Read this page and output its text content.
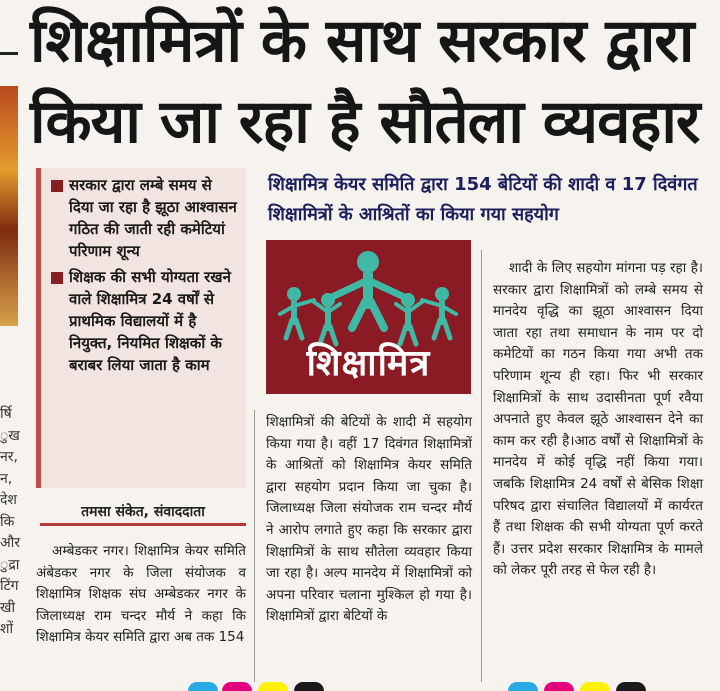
शिक्षामित्रों के साथ सरकार द्वारा
किया जा रहा है सौतेला व्यवहार
र्षि
ुख
नर,
न,
देश
कि
और
ुद्रा
टिंग
खी
शों
सरकार द्वारा लम्बे समय से दिया जा रहा है झूठा आश्वासन गठित की जाती रही कमेटियां परिणाम शून्य
शिक्षक की सभी योग्यता रखने वाले शिक्षामित्र 24 वर्षों से प्राथमिक विद्यालयों में है नियुक्त, नियमित शिक्षकों के बराबर लिया जाता है काम
तमसा संकेत, संवाददाता
शिक्षामित्र केयर समिति द्वारा 154 बेटियों की शादी व 17 दिवंगत शिक्षामित्रों के आश्रितों का किया गया सहयोग
शिक्षामित्र

अम्बेडकर नगर। शिक्षामित्र केयर समिति अंबेडकर नगर के जिला संयोजक व शिक्षामित्र शिक्षक संघ अम्बेडकर नगर के जिलाध्यक्ष राम चन्दर मौर्य ने कहा कि शिक्षामित्र केयर समिति द्वारा अब तक 154

शिक्षामित्रों की बेटियों के शादी में सहयोग किया गया है। वहीं 17 दिवंगत शिक्षामित्रों के आश्रितों को शिक्षामित्र केयर समिति द्वारा सहयोग प्रदान किया जा चुका है। जिलाध्यक्ष जिला संयोजक राम चन्दर मौर्य ने आरोप लगाते हुए कहा कि सरकार द्वारा शिक्षामित्रों के साथ सौतेला व्यवहार किया जा रहा है। अल्प मानदेय में शिक्षामित्रों को अपना परिवार चलाना मुश्किल हो गया है। शिक्षामित्रों द्वारा बेटियों के

शादी के लिए सहयोग मांगना पड़ रहा है। सरकार द्वारा शिक्षामित्रों को लम्बे समय से मानदेय वृद्धि का झूठा आश्वासन दिया जाता रहा तथा समाधान के नाम पर दो कमेटियों का गठन किया गया अभी तक परिणाम शून्य ही रहा। फिर भी सरकार शिक्षामित्रों के साथ उदासीनता पूर्ण रवैया अपनाते हुए केवल झूठे आश्वासन देने का काम कर रही है।आठ वर्षों से शिक्षामित्रों के मानदेय में कोई वृद्धि नहीं किया गया। जबकि शिक्षामित्र 24 वर्षों से बेसिक शिक्षा परिषद द्वारा संचालित विद्यालयों में कार्यरत हैं तथा शिक्षक की सभी योग्यता पूर्ण करते हैं। उत्तर प्रदेश सरकार शिक्षामित्र के मामले को लेकर पूरी तरह से फेल रही है।
